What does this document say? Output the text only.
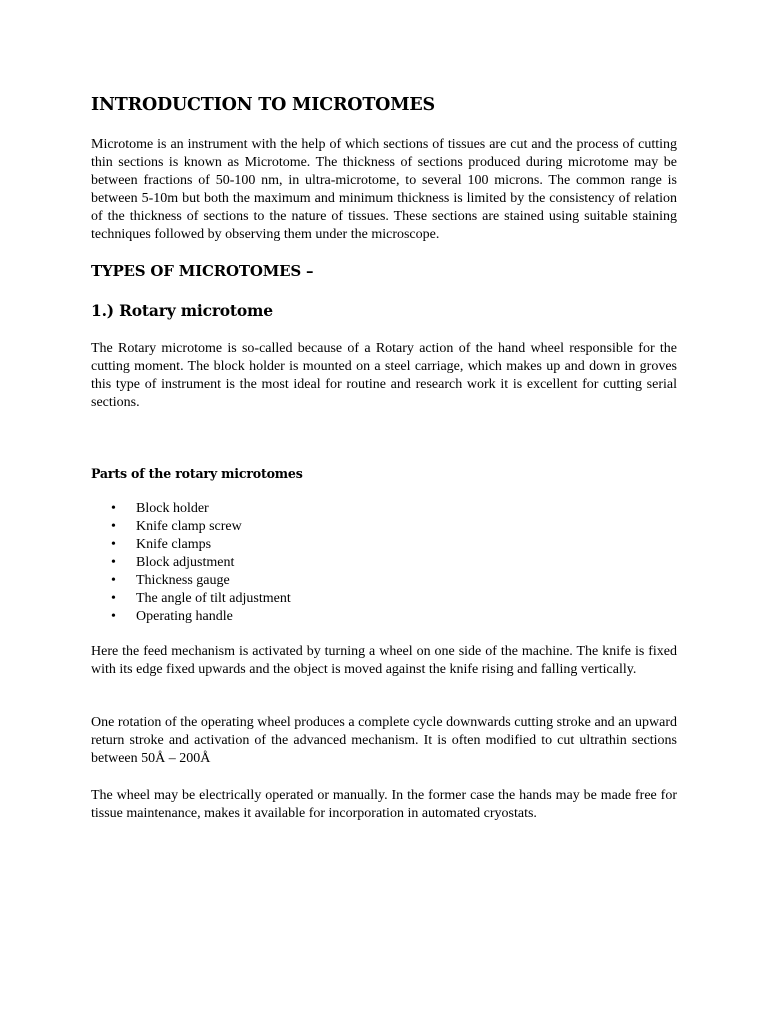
INTRODUCTION TO MICROTOMES

Microtome is an instrument with the help of which sections of tissues are cut and the process of cutting thin sections is known as Microtome. The thickness of sections produced during microtome may be between fractions of 50-100 nm, in ultra-microtome, to several 100 microns. The common range is between 5-10m but both the maximum and minimum thickness is limited by the consistency of relation of the thickness of sections to the nature of tissues. These sections are stained using suitable staining techniques followed by observing them under the microscope.

TYPES OF MICROTOMES –
1.) Rotary microtome

The Rotary microtome is so-called because of a Rotary action of the hand wheel responsible for the cutting moment. The block holder is mounted on a steel carriage, which makes up and down in groves this type of instrument is the most ideal for routine and research work it is excellent for cutting serial sections.

Parts of the rotary microtomes
• Block holder
• Knife clamp screw
• Knife clamps
• Block adjustment
• Thickness gauge
• The angle of tilt adjustment
• Operating handle

Here the feed mechanism is activated by turning a wheel on one side of the machine. The knife is fixed with its edge fixed upwards and the object is moved against the knife rising and falling vertically.

One rotation of the operating wheel produces a complete cycle downwards cutting stroke and an upward return stroke and activation of the advanced mechanism. It is often modified to cut ultrathin sections between 50Å – 200Å

The wheel may be electrically operated or manually. In the former case the hands may be made free for tissue maintenance, makes it available for incorporation in automated cryostats.
